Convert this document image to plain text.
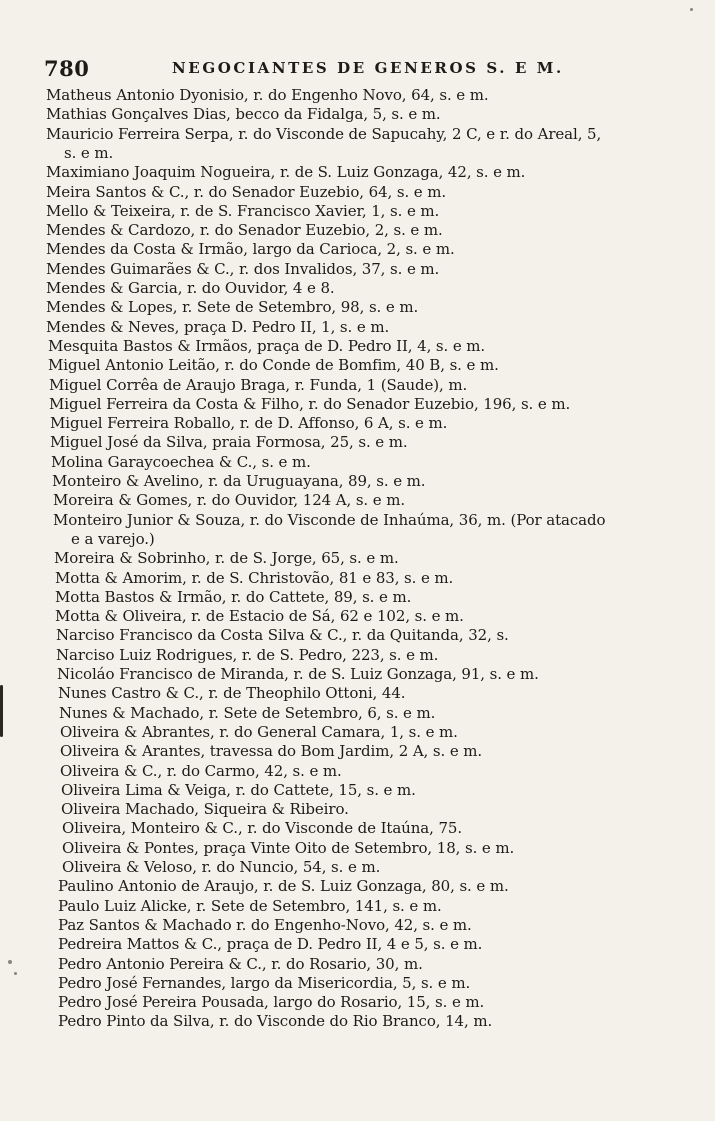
780	NEGOCIANTES DE GENEROS S. E M.
Matheus Antonio Dyonisio, r. do Engenho Novo, 64, s. e m.
Mathias Gonçalves Dias, becco da Fidalga, 5, s. e m.
Mauricio Ferreira Serpa, r. do Visconde de Sapucahy, 2 C, e r. do Areal, 5,
s. e m.
Maximiano Joaquim Nogueira, r. de S. Luiz Gonzaga, 42, s. e m.
Meira Santos & C., r. do Senador Euzebio, 64, s. e m.
Mello & Teixeira, r. de S. Francisco Xavier, 1, s. e m.
Mendes & Cardozo, r. do Senador Euzebio, 2, s. e m.
Mendes da Costa & Irmão, largo da Carioca, 2, s. e m.
Mendes Guimarães & C., r. dos Invalidos, 37, s. e m.
Mendes & Garcia, r. do Ouvidor, 4 e 8.
Mendes & Lopes, r. Sete de Setembro, 98, s. e m.
Mendes & Neves, praça D. Pedro II, 1, s. e m.
Mesquita Bastos & Irmãos, praça de D. Pedro II, 4, s. e m.
Miguel Antonio Leitão, r. do Conde de Bomfim, 40 B, s. e m.
Miguel Corrêa de Araujo Braga, r. Funda, 1 (Saude), m.
Miguel Ferreira da Costa & Filho, r. do Senador Euzebio, 196, s. e m.
Miguel Ferreira Roballo, r. de D. Affonso, 6 A, s. e m.
Miguel José da Silva, praia Formosa, 25, s. e m.
Molina Garaycoechea & C., s. e m.
Monteiro & Avelino, r. da Uruguayana, 89, s. e m.
Moreira & Gomes, r. do Ouvidor, 124 A, s. e m.
Monteiro Junior & Souza, r. do Visconde de Inhaúma, 36, m. (Por atacado
e a varejo.)
Moreira & Sobrinho, r. de S. Jorge, 65, s. e m.
Motta & Amorim, r. de S. Christovão, 81 e 83, s. e m.
Motta Bastos & Irmão, r. do Cattete, 89, s. e m.
Motta & Oliveira, r. de Estacio de Sá, 62 e 102, s. e m.
Narciso Francisco da Costa Silva & C., r. da Quitanda, 32, s.
Narciso Luiz Rodrigues, r. de S. Pedro, 223, s. e m.
Nicoláo Francisco de Miranda, r. de S. Luiz Gonzaga, 91, s. e m.
Nunes Castro & C., r. de Theophilo Ottoni, 44.
Nunes & Machado, r. Sete de Setembro, 6, s. e m.
Oliveira & Abrantes, r. do General Camara, 1, s. e m.
Oliveira & Arantes, travessa do Bom Jardim, 2 A, s. e m.
Oliveira & C., r. do Carmo, 42, s. e m.
Oliveira Lima & Veiga, r. do Cattete, 15, s. e m.
Oliveira Machado, Siqueira & Ribeiro.
Oliveira, Monteiro & C., r. do Visconde de Itaúna, 75.
Oliveira & Pontes, praça Vinte Oito de Setembro, 18, s. e m.
Oliveira & Veloso, r. do Nuncio, 54, s. e m.
Paulino Antonio de Araujo, r. de S. Luiz Gonzaga, 80, s. e m.
Paulo Luiz Alicke, r. Sete de Setembro, 141, s. e m.
Paz Santos & Machado r. do Engenho-Novo, 42, s. e m.
Pedreira Mattos & C., praça de D. Pedro II, 4 e 5, s. e m.
Pedro Antonio Pereira & C., r. do Rosario, 30, m.
Pedro José Fernandes, largo da Misericordia, 5, s. e m.
Pedro José Pereira Pousada, largo do Rosario, 15, s. e m.
Pedro Pinto da Silva, r. do Visconde do Rio Branco, 14, m.
